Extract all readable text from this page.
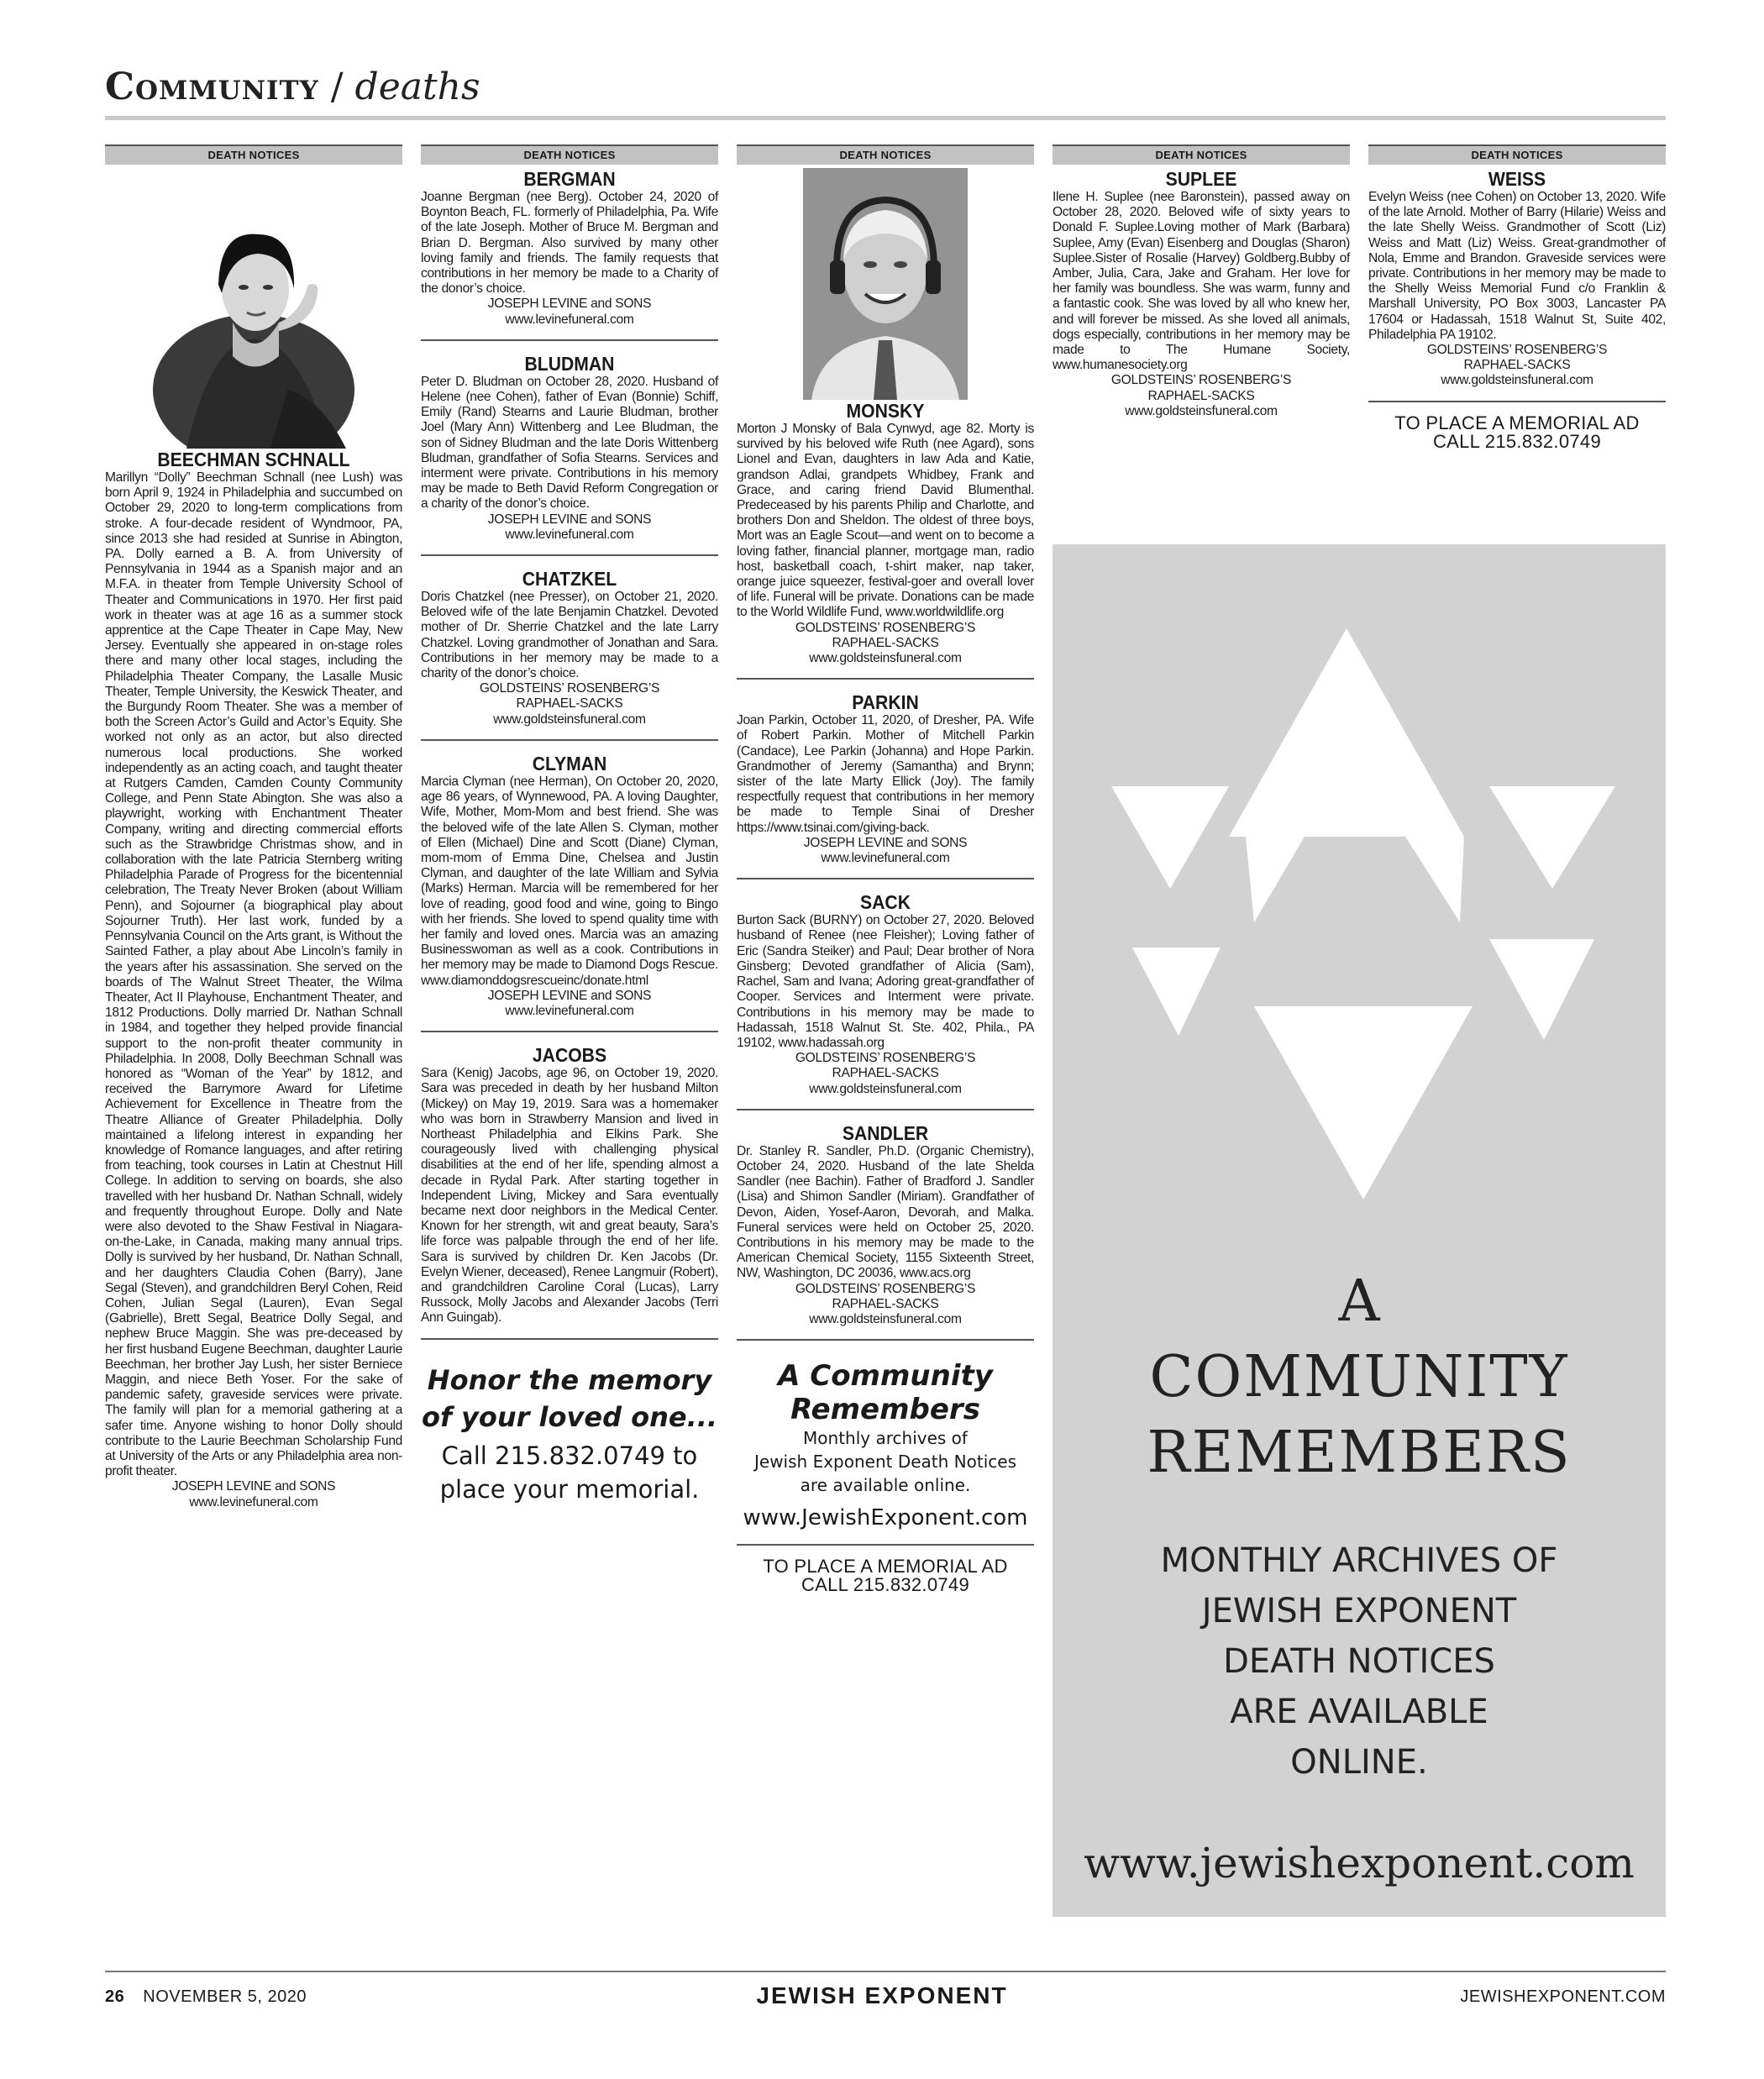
Community / deaths
DEATH NOTICES
BEECHMAN SCHNALL
Marillyn “Dolly” Beechman Schnall (nee Lush) was born April 9, 1924 in Philadelphia and succumbed on October 29, 2020 to long-term complications from stroke. A four-decade resident of Wyndmoor, PA, since 2013 she had resided at Sunrise in Abington, PA. Dolly earned a B. A. from University of Pennsylvania in 1944 as a Spanish major and an M.F.A. in theater from Temple University School of Theater and Communications in 1970. Her first paid work in theater was at age 16 as a summer stock apprentice at the Cape Theater in Cape May, New Jersey. Eventually she appeared in on-stage roles there and many other local stages, including the Philadelphia Theater Company, the Lasalle Music Theater, Temple University, the Keswick Theater, and the Burgundy Room Theater. She was a member of both the Screen Actor’s Guild and Actor’s Equity. She worked not only as an actor, but also directed numerous local productions. She worked independently as an acting coach, and taught theater at Rutgers Camden, Camden County Community College, and Penn State Abington. She was also a playwright, working with Enchantment Theater Company, writing and directing commercial efforts such as the Strawbridge Christmas show, and in collaboration with the late Patricia Sternberg writing Philadelphia Parade of Progress for the bicentennial celebration, The Treaty Never Broken (about William Penn), and Sojourner (a biographical play about Sojourner Truth). Her last work, funded by a Pennsylvania Council on the Arts grant, is Without the Sainted Father, a play about Abe Lincoln’s family in the years after his assassination. She served on the boards of The Walnut Street Theater, the Wilma Theater, Act II Playhouse, Enchantment Theater, and 1812 Productions. Dolly married Dr. Nathan Schnall in 1984, and together they helped provide financial support to the non-profit theater community in Philadelphia. In 2008, Dolly Beechman Schnall was honored as “Woman of the Year” by 1812, and received the Barrymore Award for Lifetime Achievement for Excellence in Theatre from the Theatre Alliance of Greater Philadelphia. Dolly maintained a lifelong interest in expanding her knowledge of Romance languages, and after retiring from teaching, took courses in Latin at Chestnut Hill College. In addition to serving on boards, she also travelled with her husband Dr. Nathan Schnall, widely and frequently throughout Europe. Dolly and Nate were also devoted to the Shaw Festival in Niagara-on-the-Lake, in Canada, making many annual trips. Dolly is survived by her husband, Dr. Nathan Schnall, and her daughters Claudia Cohen (Barry), Jane Segal (Steven), and grandchildren Beryl Cohen, Reid Cohen, Julian Segal (Lauren), Evan Segal (Gabrielle), Brett Segal, Beatrice Dolly Segal, and nephew Bruce Maggin. She was pre-deceased by her first husband Eugene Beechman, daughter Laurie Beechman, her brother Jay Lush, her sister Berniece Maggin, and niece Beth Yoser. For the sake of pandemic safety, graveside services were private. The family will plan for a memorial gathering at a safer time. Anyone wishing to honor Dolly should contribute to the Laurie Beechman Scholarship Fund at University of the Arts or any Philadelphia area non-profit theater.
JOSEPH LEVINE and SONS
www.levinefuneral.com
DEATH NOTICES
BERGMAN
Joanne Bergman (nee Berg). October 24, 2020 of Boynton Beach, FL. formerly of Philadelphia, Pa. Wife of the late Joseph. Mother of Bruce M. Bergman and Brian D. Bergman. Also survived by many other loving family and friends. The family requests that contributions in her memory be made to a Charity of the donor’s choice.
JOSEPH LEVINE and SONS
www.levinefuneral.com
BLUDMAN
Peter D. Bludman on October 28, 2020. Husband of Helene (nee Cohen), father of Evan (Bonnie) Schiff, Emily (Rand) Stearns and Laurie Bludman, brother Joel (Mary Ann) Wittenberg and Lee Bludman, the son of Sidney Bludman and the late Doris Wittenberg Bludman, grandfather of Sofia Stearns. Services and interment were private. Contributions in his memory may be made to Beth David Reform Congregation or a charity of the donor’s choice.
JOSEPH LEVINE and SONS
www.levinefuneral.com
CHATZKEL
Doris Chatzkel (nee Presser), on October 21, 2020. Beloved wife of the late Benjamin Chatzkel. Devoted mother of Dr. Sherrie Chatzkel and the late Larry Chatzkel. Loving grandmother of Jonathan and Sara. Contributions in her memory may be made to a charity of the donor’s choice.
GOLDSTEINS’ ROSENBERG’S
RAPHAEL-SACKS
www.goldsteinsfuneral.com
CLYMAN
Marcia Clyman (nee Herman), On October 20, 2020, age 86 years, of Wynnewood, PA. A loving Daughter, Wife, Mother, Mom-Mom and best friend. She was the beloved wife of the late Allen S. Clyman, mother of Ellen (Michael) Dine and Scott (Diane) Clyman, mom-mom of Emma Dine, Chelsea and Justin Clyman, and daughter of the late William and Sylvia (Marks) Herman. Marcia will be remembered for her love of reading, good food and wine, going to Bingo with her friends. She loved to spend quality time with her family and loved ones. Marcia was an amazing Businesswoman as well as a cook. Contributions in her memory may be made to Diamond Dogs Rescue. www.diamonddogsrescueinc/donate.html
JOSEPH LEVINE and SONS
www.levinefuneral.com
JACOBS
Sara (Kenig) Jacobs, age 96, on October 19, 2020. Sara was preceded in death by her husband Milton (Mickey) on May 19, 2019. Sara was a homemaker who was born in Strawberry Mansion and lived in Northeast Philadelphia and Elkins Park. She courageously lived with challenging physical disabilities at the end of her life, spending almost a decade in Rydal Park. After starting together in Independent Living, Mickey and Sara eventually became next door neighbors in the Medical Center. Known for her strength, wit and great beauty, Sara’s life force was palpable through the end of her life. Sara is survived by children Dr. Ken Jacobs (Dr. Evelyn Wiener, deceased), Renee Langmuir (Robert), and grandchildren Caroline Coral (Lucas), Larry Russock, Molly Jacobs and Alexander Jacobs (Terri Ann Guingab).
Honor the memory of your loved one...
Call 215.832.0749 to place your memorial.
DEATH NOTICES
MONSKY
Morton J Monsky of Bala Cynwyd, age 82. Morty is survived by his beloved wife Ruth (nee Agard), sons Lionel and Evan, daughters in law Ada and Katie, grandson Adlai, grandpets Whidbey, Frank and Grace, and caring friend David Blumenthal. Predeceased by his parents Philip and Charlotte, and brothers Don and Sheldon. The oldest of three boys, Mort was an Eagle Scout—and went on to become a loving father, financial planner, mortgage man, radio host, basketball coach, t-shirt maker, nap taker, orange juice squeezer, festival-goer and overall lover of life. Funeral will be private. Donations can be made to the World Wildlife Fund, www.worldwildlife.org
GOLDSTEINS’ ROSENBERG’S
RAPHAEL-SACKS
www.goldsteinsfuneral.com
PARKIN
Joan Parkin, October 11, 2020, of Dresher, PA. Wife of Robert Parkin. Mother of Mitchell Parkin (Candace), Lee Parkin (Johanna) and Hope Parkin. Grandmother of Jeremy (Samantha) and Brynn; sister of the late Marty Ellick (Joy). The family respectfully request that contributions in her memory be made to Temple Sinai of Dresher https://www.tsinai.com/giving-back.
JOSEPH LEVINE and SONS
www.levinefuneral.com
SACK
Burton Sack (BURNY) on October 27, 2020. Beloved husband of Renee (nee Fleisher); Loving father of Eric (Sandra Steiker) and Paul; Dear brother of Nora Ginsberg; Devoted grandfather of Alicia (Sam), Rachel, Sam and Ivana; Adoring great-grandfather of Cooper. Services and Interment were private. Contributions in his memory may be made to Hadassah, 1518 Walnut St. Ste. 402, Phila., PA 19102, www.hadassah.org
GOLDSTEINS’ ROSENBERG’S
RAPHAEL-SACKS
www.goldsteinsfuneral.com
SANDLER
Dr. Stanley R. Sandler, Ph.D. (Organic Chemistry), October 24, 2020. Husband of the late Shelda Sandler (nee Bachin). Father of Bradford J. Sandler (Lisa) and Shimon Sandler (Miriam). Grandfather of Devon, Aiden, Yosef-Aaron, Devorah, and Malka. Funeral services were held on October 25, 2020. Contributions in his memory may be made to the American Chemical Society, 1155 Sixteenth Street, NW, Washington, DC 20036, www.acs.org
GOLDSTEINS’ ROSENBERG’S
RAPHAEL-SACKS
www.goldsteinsfuneral.com
A Community Remembers
Monthly archives of
Jewish Exponent Death Notices
are available online.
www.JewishExponent.com
TO PLACE A MEMORIAL AD
CALL 215.832.0749
DEATH NOTICES
SUPLEE
Ilene H. Suplee (nee Baronstein), passed away on October 28, 2020. Beloved wife of sixty years to Donald F. Suplee.Loving mother of Mark (Barbara) Suplee, Amy (Evan) Eisenberg and Douglas (Sharon) Suplee.Sister of Rosalie (Harvey) Goldberg.Bubby of Amber, Julia, Cara, Jake and Graham. Her love for her family was boundless. She was warm, funny and a fantastic cook. She was loved by all who knew her, and will forever be missed. As she loved all animals, dogs especially, contributions in her memory may be made to The Humane Society, www.humanesociety.org
GOLDSTEINS’ ROSENBERG’S
RAPHAEL-SACKS
www.goldsteinsfuneral.com
DEATH NOTICES
WEISS
Evelyn Weiss (nee Cohen) on October 13, 2020. Wife of the late Arnold. Mother of Barry (Hilarie) Weiss and the late Shelly Weiss. Grandmother of Scott (Liz) Weiss and Matt (Liz) Weiss. Great-grandmother of Nola, Emme and Brandon. Graveside services were private. Contributions in her memory may be made to the Shelly Weiss Memorial Fund c/o Franklin & Marshall University, PO Box 3003, Lancaster PA 17604 or Hadassah, 1518 Walnut St, Suite 402, Philadelphia PA 19102.
GOLDSTEINS’ ROSENBERG’S
RAPHAEL-SACKS
www.goldsteinsfuneral.com
TO PLACE A MEMORIAL AD
CALL 215.832.0749
A
COMMUNITY
REMEMBERS
MONTHLY ARCHIVES OF
JEWISH EXPONENT
DEATH NOTICES
ARE AVAILABLE
ONLINE.
www.jewishexponent.com
26 NOVEMBER 5, 2020	JEWISH EXPONENT	JEWISHEXPONENT.COM
